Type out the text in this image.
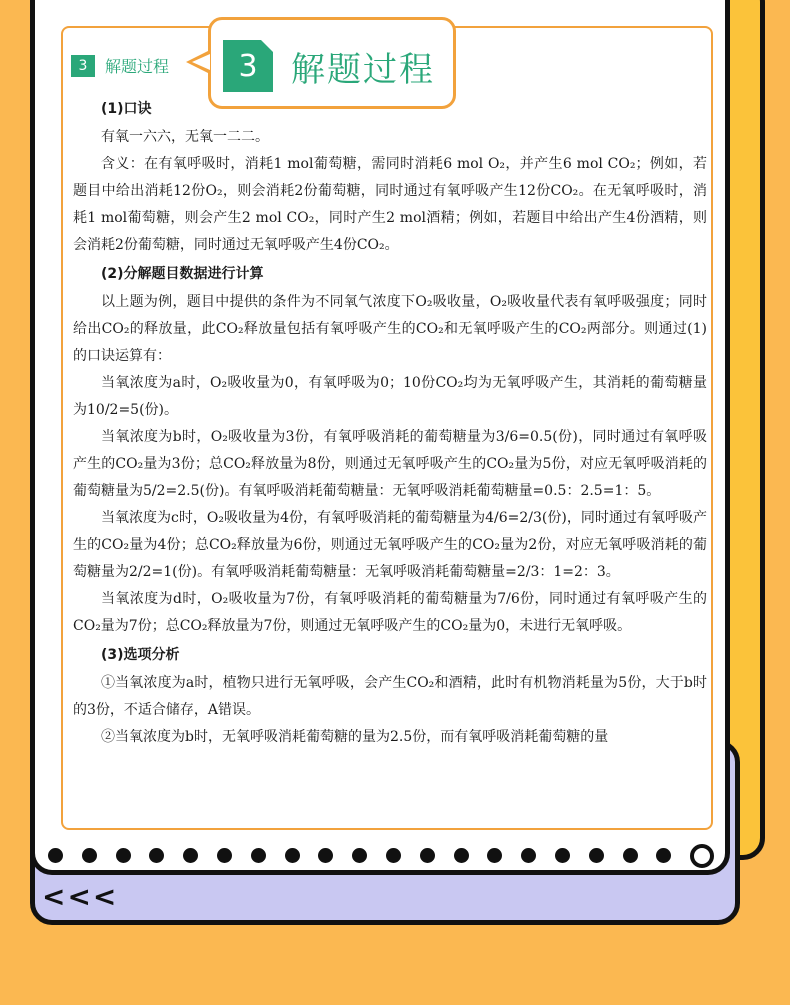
<<<
3	解题过程
(1)口诀

有氧一六六，无氧一二二。

含义：在有氧呼吸时，消耗1 mol葡萄糖，需同时消耗6 mol O₂，并产生6 mol CO₂；例如，若题目中给出消耗12份O₂，则会消耗2份葡萄糖，同时通过有氧呼吸产生12份CO₂。在无氧呼吸时，消耗1 mol葡萄糖，则会产生2 mol CO₂，同时产生2 mol酒精；例如，若题目中给出产生4份酒精，则会消耗2份葡萄糖，同时通过无氧呼吸产生4份CO₂。

(2)分解题目数据进行计算

以上题为例，题目中提供的条件为不同氧气浓度下O₂吸收量，O₂吸收量代表有氧呼吸强度；同时给出CO₂的释放量，此CO₂释放量包括有氧呼吸产生的CO₂和无氧呼吸产生的CO₂两部分。则通过(1)的口诀运算有：

当氧浓度为a时，O₂吸收量为0，有氧呼吸为0；10份CO₂均为无氧呼吸产生，其消耗的葡萄糖量为10/2=5(份)。

当氧浓度为b时，O₂吸收量为3份，有氧呼吸消耗的葡萄糖量为3/6=0.5(份)，同时通过有氧呼吸产生的CO₂量为3份；总CO₂释放量为8份，则通过无氧呼吸产生的CO₂量为5份，对应无氧呼吸消耗的葡萄糖量为5/2=2.5(份)。有氧呼吸消耗葡萄糖量：无氧呼吸消耗葡萄糖量=0.5：2.5=1：5。

当氧浓度为c时，O₂吸收量为4份，有氧呼吸消耗的葡萄糖量为4/6=2/3(份)，同时通过有氧呼吸产生的CO₂量为4份；总CO₂释放量为6份，则通过无氧呼吸产生的CO₂量为2份，对应无氧呼吸消耗的葡萄糖量为2/2=1(份)。有氧呼吸消耗葡萄糖量：无氧呼吸消耗葡萄糖量=2/3：1=2：3。

当氧浓度为d时，O₂吸收量为7份，有氧呼吸消耗的葡萄糖量为7/6份，同时通过有氧呼吸产生的CO₂量为7份；总CO₂释放量为7份，则通过无氧呼吸产生的CO₂量为0，未进行无氧呼吸。

(3)选项分析

①当氧浓度为a时，植物只进行无氧呼吸，会产生CO₂和酒精，此时有机物消耗量为5份，大于b时的3份，不适合储存，A错误。

②当氧浓度为b时，无氧呼吸消耗葡萄糖的量为2.5份，而有氧呼吸消耗葡萄糖的量

3 解题过程
